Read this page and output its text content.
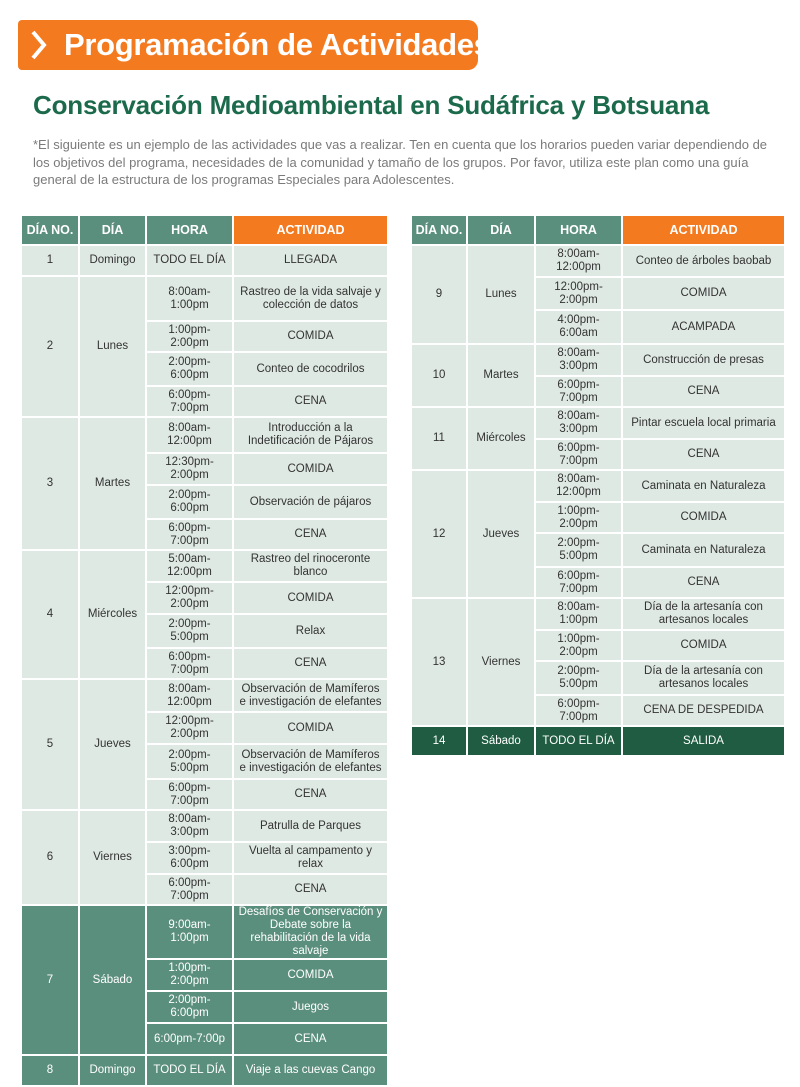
Programación de Actividades
Conservación Medioambiental en Sudáfrica y Botsuana
*El siguiente es un ejemplo de las actividades que vas a realizar. Ten en cuenta que los horarios pueden variar dependiendo de los objetivos del programa, necesidades de la comunidad y tamaño de los grupos. Por favor, utiliza este plan como una guía general de la estructura de los programas Especiales para Adolescentes.
DÍA NO.	DÍA	HORA	ACTIVIDAD
1	Domingo	TODO EL DÍA	LLEGADA
2	Lunes	8:00am-1:00pm	Rastreo de la vida salvaje y colección de datos
		1:00pm-2:00pm	COMIDA
		2:00pm-6:00pm	Conteo de cocodrilos
		6:00pm-7:00pm	CENA
3	Martes	8:00am-12:00pm	Introducción a la Indetificación de Pájaros
		12:30pm-2:00pm	COMIDA
		2:00pm-6:00pm	Observación de pájaros
		6:00pm-7:00pm	CENA
4	Miércoles	5:00am-12:00pm	Rastreo del rinoceronte blanco
		12:00pm-2:00pm	COMIDA
		2:00pm-5:00pm	Relax
		6:00pm-7:00pm	CENA
5	Jueves	8:00am-12:00pm	Observación de Mamíferos e investigación de elefantes
		12:00pm-2:00pm	COMIDA
		2:00pm-5:00pm	Observación de Mamíferos e investigación de elefantes
		6:00pm-7:00pm	CENA
6	Viernes	8:00am-3:00pm	Patrulla de Parques
		3:00pm-6:00pm	Vuelta al campamento y relax
		6:00pm-7:00pm	CENA
7	Sábado	9:00am-1:00pm	Desafíos de Conservación y Debate sobre la rehabilitación de la vida salvaje
		1:00pm-2:00pm	COMIDA
		2:00pm-6:00pm	Juegos
		6:00pm-7:00p	CENA
8	Domingo	TODO EL DÍA	Viaje a las cuevas Cango
DÍA NO.	DÍA	HORA	ACTIVIDAD
9	Lunes	8:00am-12:00pm	Conteo de árboles baobab
		12:00pm-2:00pm	COMIDA
		4:00pm-6:00am	ACAMPADA
10	Martes	8:00am-3:00pm	Construcción de presas
		6:00pm-7:00pm	CENA
11	Miércoles	8:00am-3:00pm	Pintar escuela local primaria
		6:00pm-7:00pm	CENA
12	Jueves	8:00am-12:00pm	Caminata en Naturaleza
		1:00pm-2:00pm	COMIDA
		2:00pm-5:00pm	Caminata en Naturaleza
		6:00pm-7:00pm	CENA
13	Viernes	8:00am-1:00pm	Día de la artesanía con artesanos locales
		1:00pm-2:00pm	COMIDA
		2:00pm-5:00pm	Día de la artesanía con artesanos locales
		6:00pm-7:00pm	CENA DE DESPEDIDA
14	Sábado	TODO EL DÍA	SALIDA
